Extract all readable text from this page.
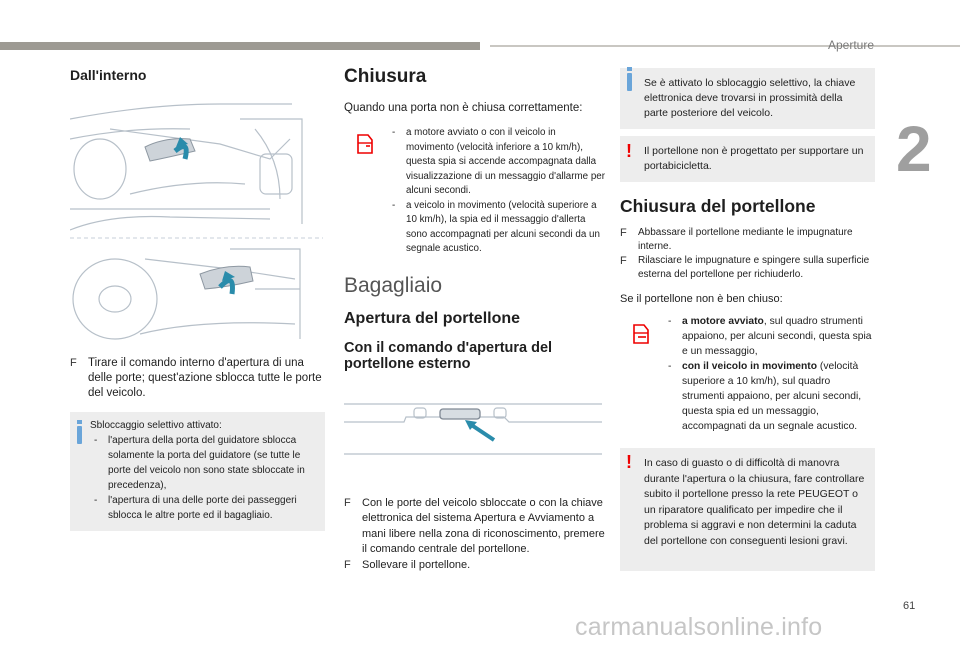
Aperture
2
61
carmanualsonline.info
Dall'interno
F Tirare il comando interno d'apertura di una delle porte; quest'azione sblocca tutte le porte del veicolo.
Sbloccaggio selettivo attivato:
- l'apertura della porta del guidatore sblocca solamente la porta del guidatore (se tutte le porte del veicolo non sono state sbloccate in precedenza),
- l'apertura di una delle porte dei passeggeri sblocca le altre porte ed il bagagliaio.
Chiusura
Quando una porta non è chiusa correttamente:
- a motore avviato o con il veicolo in movimento (velocità inferiore a 10 km/h), questa spia si accende accompagnata dalla visualizzazione di un messaggio d'allarme per alcuni secondi.
- a veicolo in movimento (velocità superiore a 10 km/h), la spia ed il messaggio d'allerta sono accompagnati per alcuni secondi da un segnale acustico.
Bagagliaio
Apertura del portellone
Con il comando d'apertura del portellone esterno
F Con le porte del veicolo sbloccate o con la chiave elettronica del sistema Apertura e Avviamento a mani libere nella zona di riconoscimento, premere il comando centrale del portellone.
F Sollevare il portellone.
Se è attivato lo sblocaggio selettivo, la chiave elettronica deve trovarsi in prossimità della parte posteriore del veicolo.
! Il portellone non è progettato per supportare un portabicicletta.
Chiusura del portellone
F Abbassare il portellone mediante le impugnature interne.
F Rilasciare le impugnature e spingere sulla superficie esterna del portellone per richiuderlo.
Se il portellone non è ben chiuso:
- a motore avviato, sul quadro strumenti appaiono, per alcuni secondi, questa spia e un messaggio,
- con il veicolo in movimento (velocità superiore a 10 km/h), sul quadro strumenti appaiono, per alcuni secondi, questa spia ed un messaggio, accompagnati da un segnale acustico.
! In caso di guasto o di difficoltà di manovra durante l'apertura o la chiusura, fare controllare subito il portellone presso la rete PEUGEOT o un riparatore qualificato per impedire che il problema si aggravi e non determini la caduta del portellone con conseguenti lesioni gravi.
